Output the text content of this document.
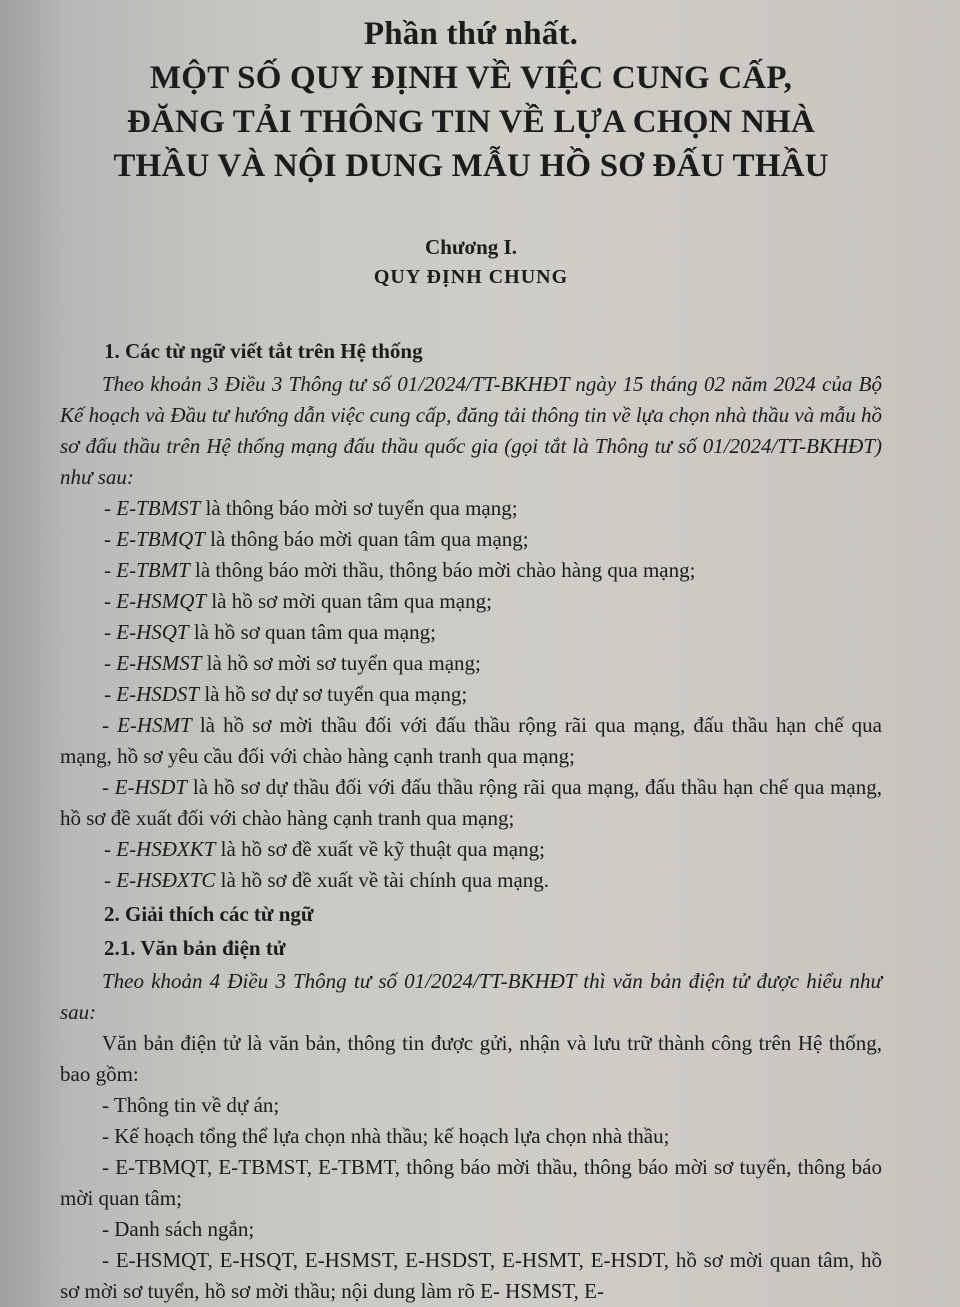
Phần thứ nhất.
MỘT SỐ QUY ĐỊNH VỀ VIỆC CUNG CẤP,
ĐĂNG TẢI THÔNG TIN VỀ LỰA CHỌN NHÀ
THẦU VÀ NỘI DUNG MẪU HỒ SƠ ĐẤU THẦU
Chương I.
QUY ĐỊNH CHUNG
1. Các từ ngữ viết tắt trên Hệ thống
Theo khoản 3 Điều 3 Thông tư số 01/2024/TT-BKHĐT ngày 15 tháng 02 năm 2024 của Bộ Kế hoạch và Đầu tư hướng dẫn việc cung cấp, đăng tải thông tin về lựa chọn nhà thầu và mẫu hồ sơ đấu thầu trên Hệ thống mạng đấu thầu quốc gia (gọi tắt là Thông tư số 01/2024/TT-BKHĐT) như sau:
- E-TBMST là thông báo mời sơ tuyển qua mạng;
- E-TBMQT là thông báo mời quan tâm qua mạng;
- E-TBMT là thông báo mời thầu, thông báo mời chào hàng qua mạng;
- E-HSMQT là hồ sơ mời quan tâm qua mạng;
- E-HSQT là hồ sơ quan tâm qua mạng;
- E-HSMST là hồ sơ mời sơ tuyển qua mạng;
- E-HSDST là hồ sơ dự sơ tuyển qua mạng;
- E-HSMT là hồ sơ mời thầu đối với đấu thầu rộng rãi qua mạng, đấu thầu hạn chế qua mạng, hồ sơ yêu cầu đối với chào hàng cạnh tranh qua mạng;
- E-HSDT là hồ sơ dự thầu đối với đấu thầu rộng rãi qua mạng, đấu thầu hạn chế qua mạng, hồ sơ đề xuất đối với chào hàng cạnh tranh qua mạng;
- E-HSĐXKT là hồ sơ đề xuất về kỹ thuật qua mạng;
- E-HSĐXTC là hồ sơ đề xuất về tài chính qua mạng.
2. Giải thích các từ ngữ
2.1. Văn bản điện tử
Theo khoản 4 Điều 3 Thông tư số 01/2024/TT-BKHĐT thì văn bản điện tử được hiểu như sau:
Văn bản điện tử là văn bản, thông tin được gửi, nhận và lưu trữ thành công trên Hệ thống, bao gồm:
- Thông tin về dự án;
- Kế hoạch tổng thể lựa chọn nhà thầu; kế hoạch lựa chọn nhà thầu;
- E-TBMQT, E-TBMST, E-TBMT, thông báo mời thầu, thông báo mời sơ tuyển, thông báo mời quan tâm;
- Danh sách ngắn;
- E-HSMQT, E-HSQT, E-HSMST, E-HSDST, E-HSMT, E-HSDT, hồ sơ mời quan tâm, hồ sơ mời sơ tuyển, hồ sơ mời thầu; nội dung làm rõ E- HSMST, E-
